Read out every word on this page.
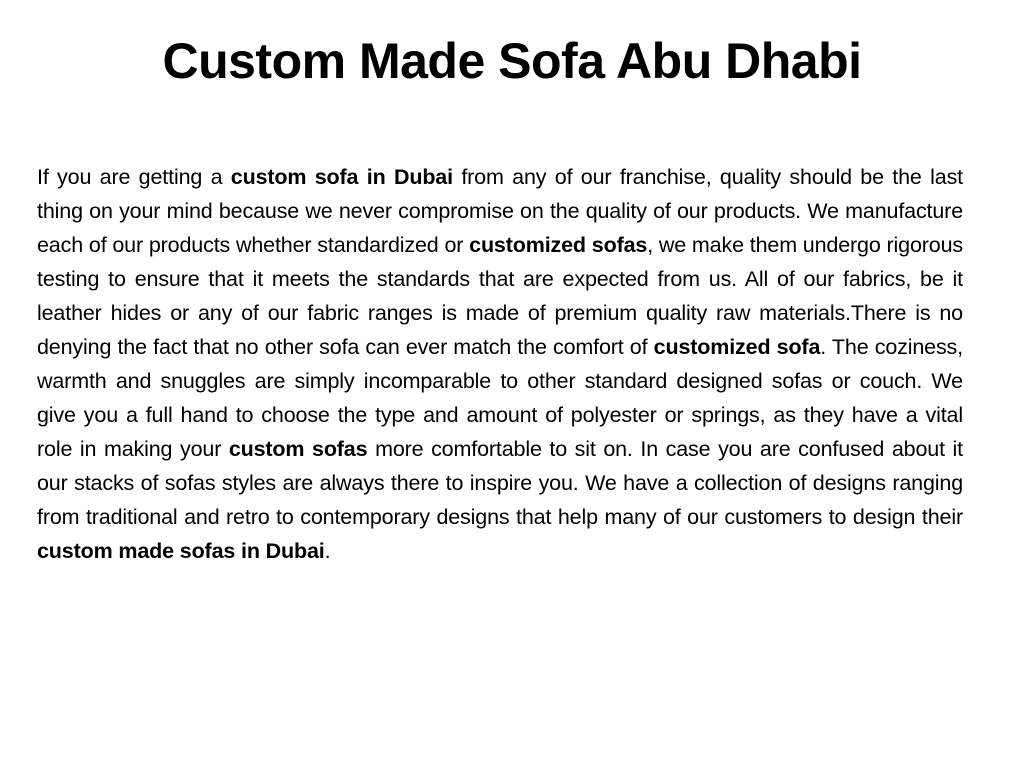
Custom Made Sofa Abu Dhabi

If you are getting a custom sofa in Dubai from any of our franchise, quality should be the last thing on your mind because we never compromise on the quality of our products. We manufacture each of our products whether standardized or customized sofas, we make them undergo rigorous testing to ensure that it meets the standards that are expected from us. All of our fabrics, be it leather hides or any of our fabric ranges is made of premium quality raw materials.There is no denying the fact that no other sofa can ever match the comfort of customized sofa. The coziness, warmth and snuggles are simply incomparable to other standard designed sofas or couch. We give you a full hand to choose the type and amount of polyester or springs, as they have a vital role in making your custom sofas more comfortable to sit on. In case you are confused about it our stacks of sofas styles are always there to inspire you. We have a collection of designs ranging from traditional and retro to contemporary designs that help many of our customers to design their custom made sofas in Dubai.
